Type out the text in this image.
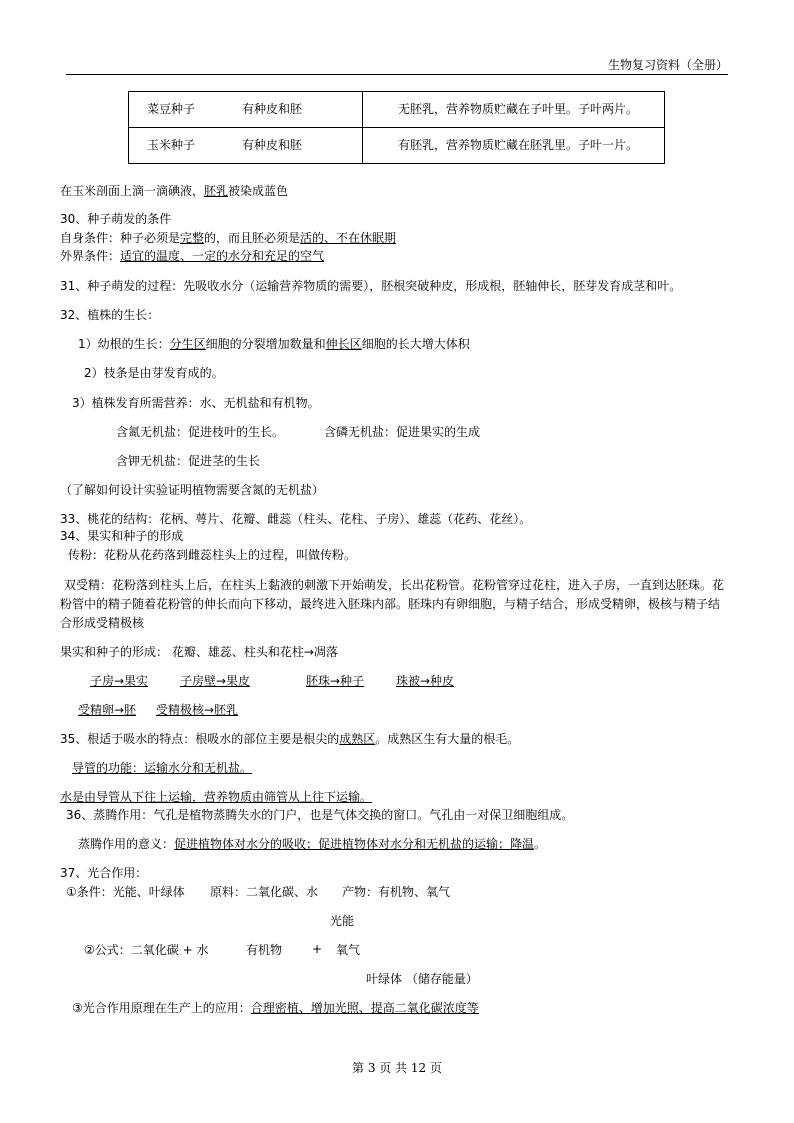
生物复习资料（全册）
菜豆种子	有种皮和胚	无胚乳，营养物质贮藏在子叶里。子叶两片。
玉米种子	有种皮和胚	有胚乳，营养物质贮藏在胚乳里。子叶一片。
在玉米剖面上滴一滴碘液，胚乳被染成蓝色
30、种子萌发的条件
自身条件：种子必须是完整的，而且胚必须是活的、不在休眠期
外界条件：适宜的温度、一定的水分和充足的空气
31、种子萌发的过程：先吸收水分（运输营养物质的需要），胚根突破种皮，形成根，胚轴伸长，胚芽发育成茎和叶。
32、植株的生长：
1）幼根的生长：分生区细胞的分裂增加数量和伸长区细胞的长大增大体积
2）枝条是由芽发育成的。
3）植株发育所需营养：水、无机盐和有机物。
含氮无机盐：促进枝叶的生长。	含磷无机盐：促进果实的生成
含钾无机盐：促进茎的生长
（了解如何设计实验证明植物需要含氮的无机盐）
33、桃花的结构：花柄、萼片、花瓣、雌蕊（柱头、花柱、子房）、雄蕊（花药、花丝）。
34、果实和种子的形成
传粉：花粉从花药落到雌蕊柱头上的过程，叫做传粉。
双受精：花粉落到柱头上后，在柱头上黏液的刺激下开始萌发，长出花粉管。花粉管穿过花柱，进入子房，一直到达胚珠。花
粉管中的精子随着花粉管的伸长而向下移动，最终进入胚珠内部。胚珠内有卵细胞，与精子结合，形成受精卵，极核与精子结
合形成受精极核
果实和种子的形成： 花瓣、雄蕊、柱头和花柱→凋落
子房→果实	子房壁→果皮	胚珠→种子	珠被→种皮
受精卵→胚 受精极核→胚乳
35、根适于吸水的特点：根吸水的部位主要是根尖的成熟区。成熟区生有大量的根毛。
导管的功能：运输水分和无机盐。
水是由导管从下往上运输，营养物质由筛管从上往下运输。
36、蒸腾作用：气孔是植物蒸腾失水的门户，也是气体交换的窗口。气孔由一对保卫细胞组成。
蒸腾作用的意义：促进植物体对水分的吸收；促进植物体对水分和无机盐的运输；降温。
37、光合作用：
①条件：光能、叶绿体 原料：二氧化碳、水 产物：有机物、氧气
光能
②公式：二氧化碳 + 水	有机物 + 氧气
叶绿体 （储存能量）
③光合作用原理在生产上的应用：合理密植、增加光照、提高二氧化碳浓度等
第 3 页 共 12 页
